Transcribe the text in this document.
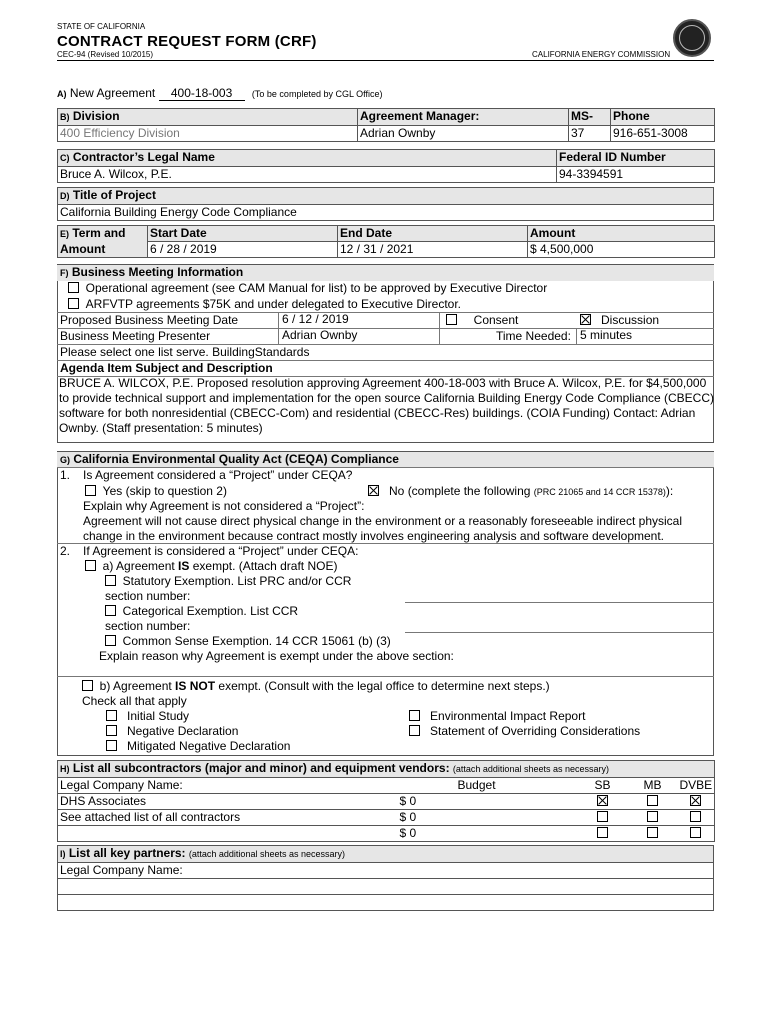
STATE OF CALIFORNIA
CONTRACT REQUEST FORM (CRF)
CEC-94 (Revised 10/2015)	CALIFORNIA ENERGY COMMISSION
A) New Agreement 400-18-003 (To be completed by CGL Office)
B) Division	Agreement Manager:	MS-	Phone
400 Efficiency Division	Adrian Ownby	37	916-651-3008
C) Contractor’s Legal Name	Federal ID Number
Bruce A. Wilcox, P.E.	94-3394591
D) Title of Project
California Building Energy Code Compliance
E) Term and
Amount	Start Date	End Date	Amount
	6 / 28 / 2019	12 / 31 / 2021	$ 4,500,000
F) Business Meeting Information
Operational agreement (see CAM Manual for list) to be approved by Executive Director
ARFVTP agreements $75K and under delegated to Executive Director.
Proposed Business Meeting Date	6 / 12 / 2019	Consent	Discussion
Business Meeting Presenter	Adrian Ownby	Time Needed: 5 minutes
Please select one list serve. BuildingStandards
Agenda Item Subject and Description
BRUCE A. WILCOX, P.E. Proposed resolution approving Agreement 400-18-003 with Bruce A. Wilcox, P.E. for $4,500,000 to provide technical support and implementation for the open source California Building Energy Code Compliance (CBECC) software for both nonresidential (CBECC-Com) and residential (CBECC-Res) buildings. (COIA Funding) Contact: Adrian Ownby. (Staff presentation: 5 minutes)
G) California Environmental Quality Act (CEQA) Compliance
1.	Is Agreement considered a “Project” under CEQA?
Yes (skip to question 2)	No (complete the following (PRC 21065 and 14 CCR 15378)):
Explain why Agreement is not considered a “Project”:
Agreement will not cause direct physical change in the environment or a reasonably foreseeable indirect physical
change in the environment because contract mostly involves engineering analysis and software development.
2.	If Agreement is considered a “Project” under CEQA:
a) Agreement IS exempt. (Attach draft NOE)
Statutory Exemption. List PRC and/or CCR
section number:
Categorical Exemption. List CCR
section number:
Common Sense Exemption. 14 CCR 15061 (b) (3)
Explain reason why Agreement is exempt under the above section:
b) Agreement IS NOT exempt. (Consult with the legal office to determine next steps.)
Check all that apply
Initial Study
Negative Declaration
Mitigated Negative Declaration
Environmental Impact Report
Statement of Overriding Considerations
H) List all subcontractors (major and minor) and equipment vendors: (attach additional sheets as necessary)				
Legal Company Name:	Budget	SB	MB	DVBE
DHS Associates	$ 0			
See attached list of all contractors	$ 0			
	$ 0			
I) List all key partners: (attach additional sheets as necessary)
Legal Company Name:
